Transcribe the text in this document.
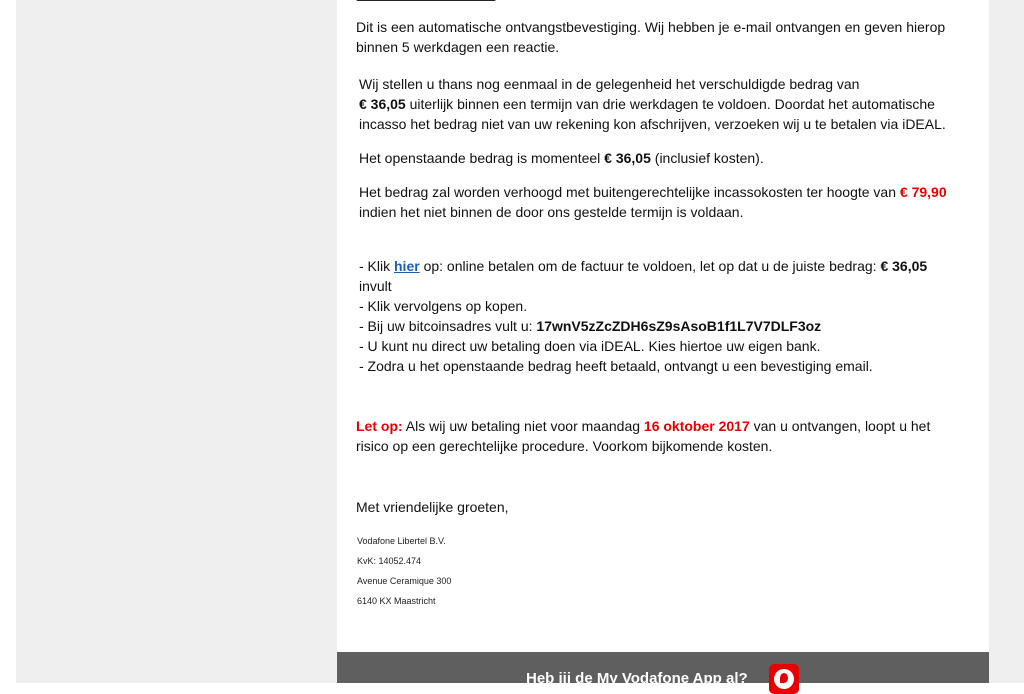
Dit is een automatische ontvangstbevestiging. Wij hebben je e-mail ontvangen en geven hierop
binnen 5 werkdagen een reactie.
Wij stellen u thans nog eenmaal in de gelegenheid het verschuldigde bedrag van
€ 36,05 uiterlijk binnen een termijn van drie werkdagen te voldoen. Doordat het automatische
incasso het bedrag niet van uw rekening kon afschrijven, verzoeken wij u te betalen via iDEAL.
Het openstaande bedrag is momenteel € 36,05 (inclusief kosten).
Het bedrag zal worden verhoogd met buitengerechtelijke incassokosten ter hoogte van € 79,90
indien het niet binnen de door ons gestelde termijn is voldaan.
- Klik hier op: online betalen om de factuur te voldoen, let op dat u de juiste bedrag: € 36,05
invult
- Klik vervolgens op kopen.
- Bij uw bitcoinsadres vult u: 17wnV5zZcZDH6sZ9sAsoB1f1L7V7DLF3oz
- U kunt nu direct uw betaling doen via iDEAL. Kies hiertoe uw eigen bank.
- Zodra u het openstaande bedrag heeft betaald, ontvangt u een bevestiging email.
Let op: Als wij uw betaling niet voor maandag 16 oktober 2017 van u ontvangen, loopt u het
risico op een gerechtelijke procedure. Voorkom bijkomende kosten.
Met vriendelijke groeten,
Vodafone Libertel B.V.
KvK: 14052.474
Avenue Ceramique 300
6140 KX Maastricht
Heb jij de My Vodafone App al?
